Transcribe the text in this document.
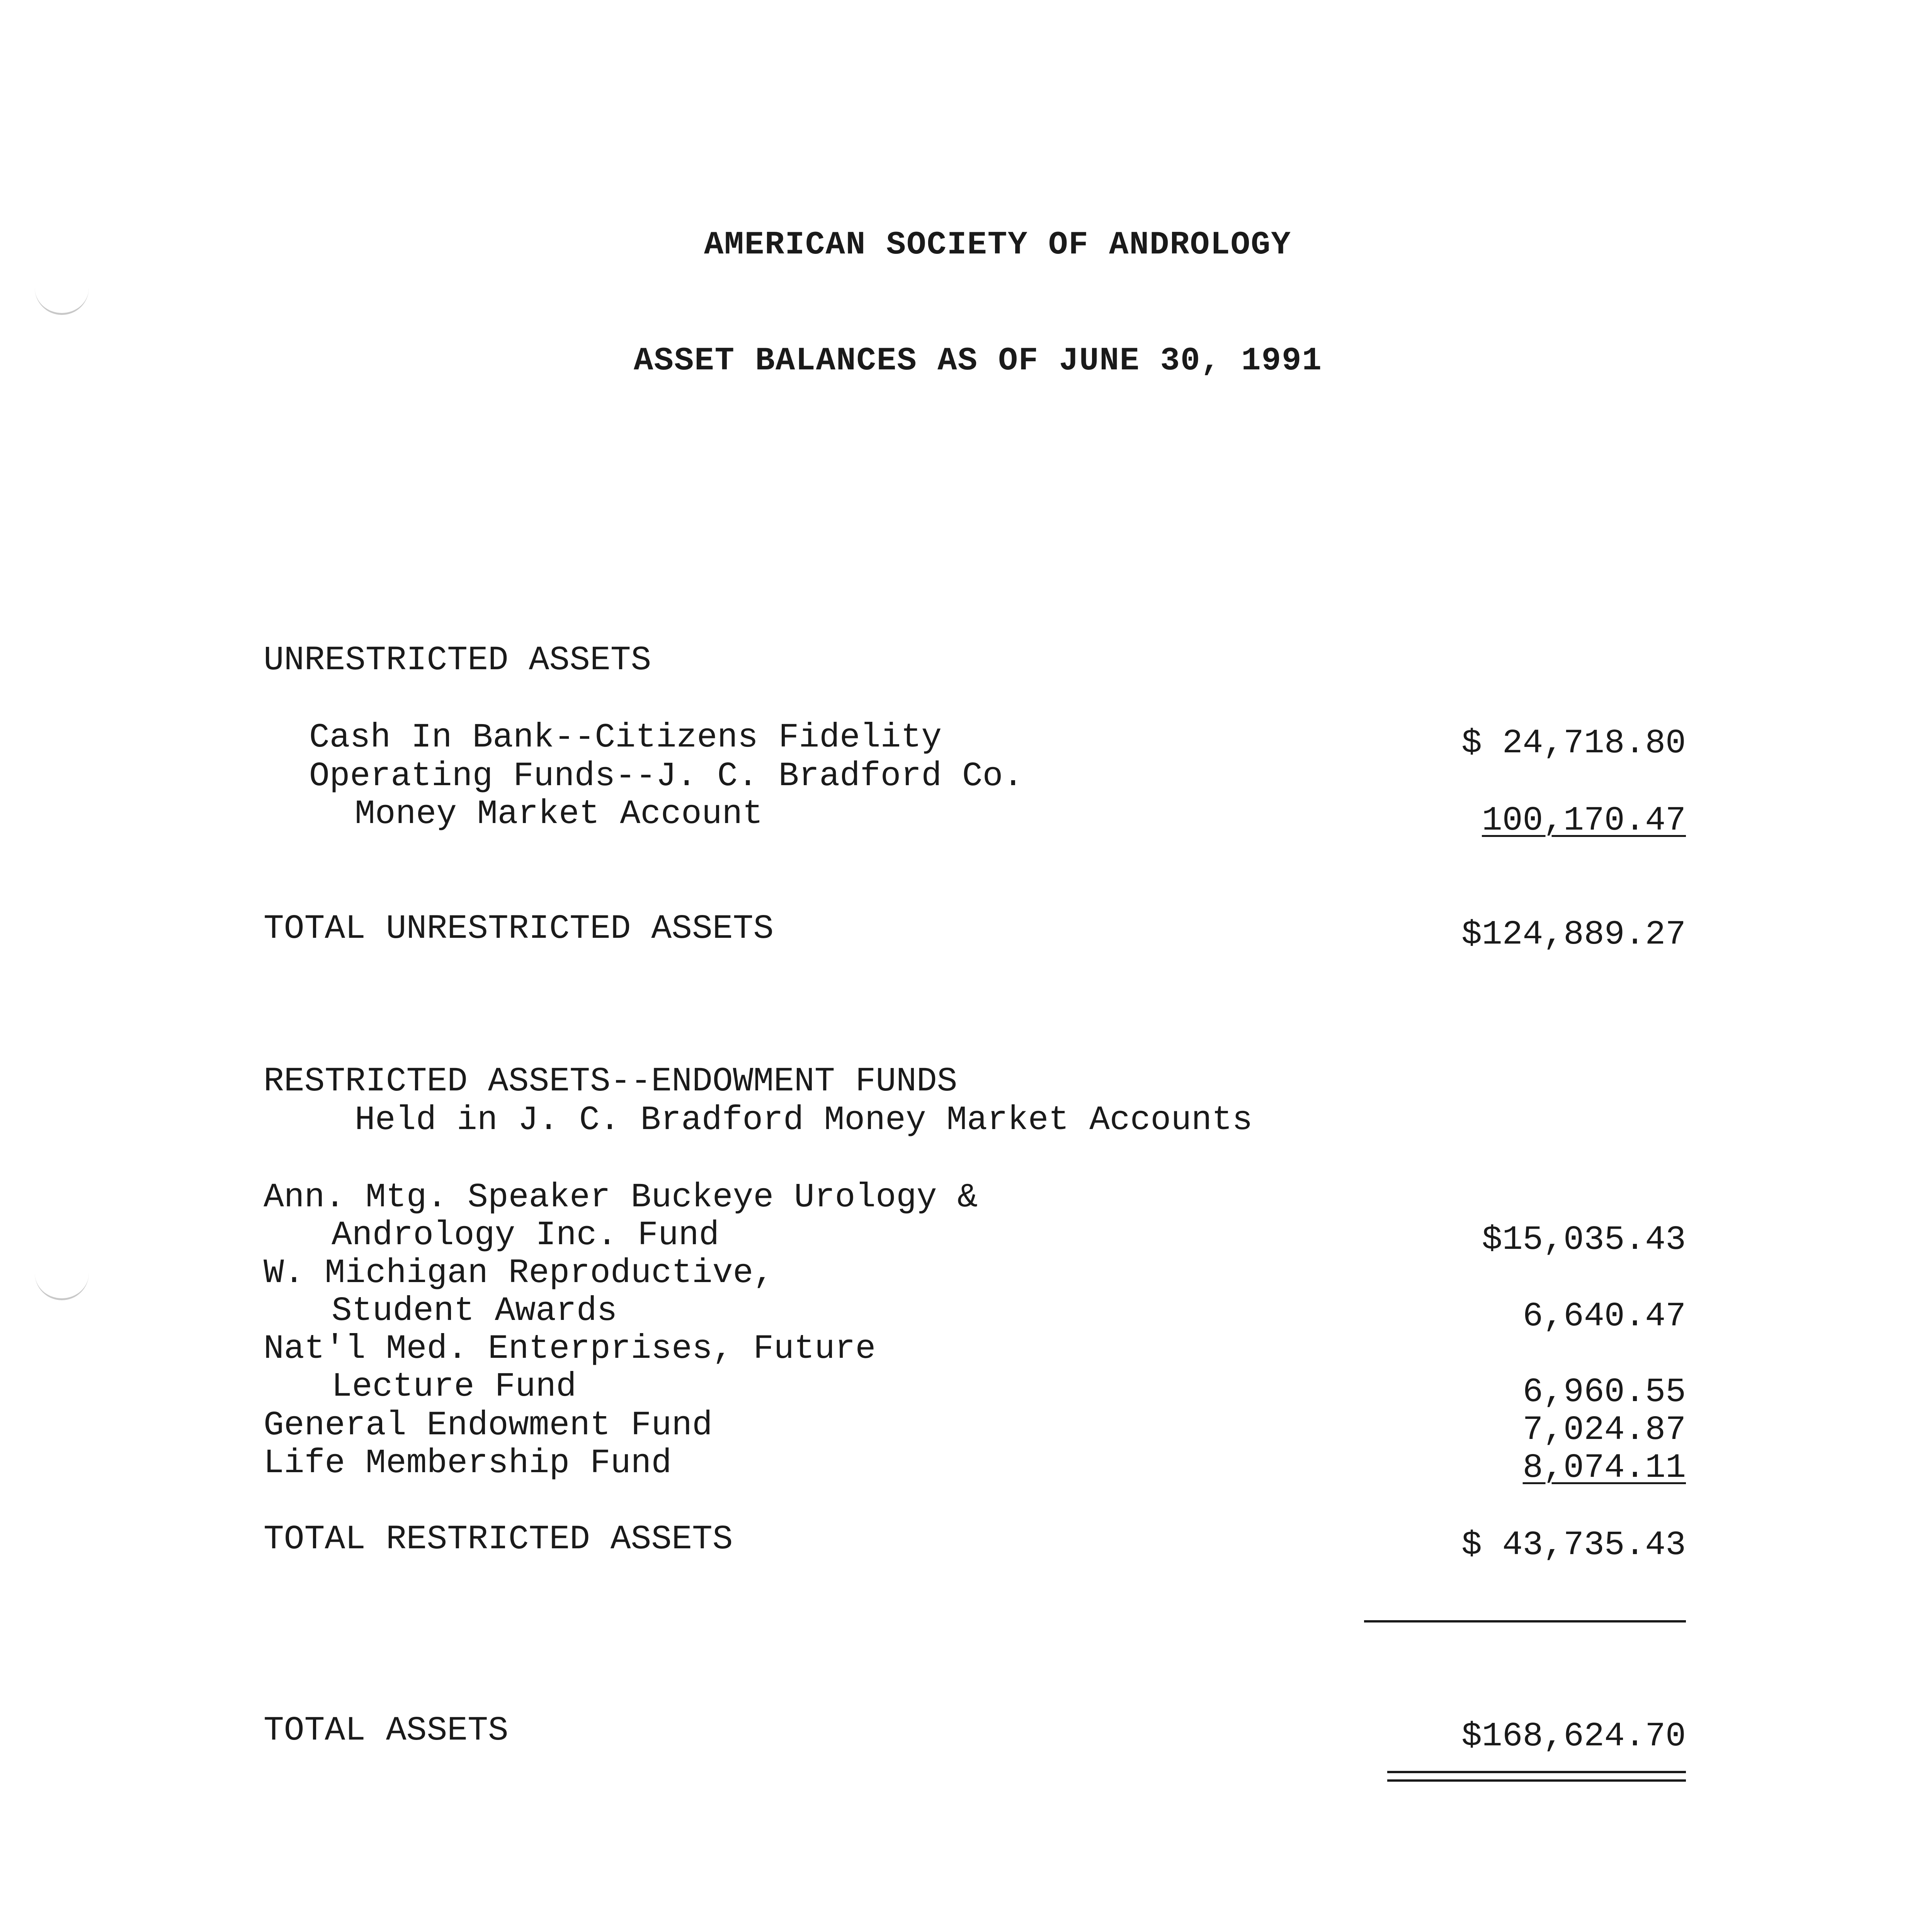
AMERICAN SOCIETY OF ANDROLOGY
ASSET BALANCES AS OF JUNE 30, 1991
UNRESTRICTED ASSETS
Cash In Bank--Citizens Fidelity	$ 24,718.80
Operating Funds--J. C. Bradford Co.
Money Market Account	100,170.47
TOTAL UNRESTRICTED ASSETS	$124,889.27
RESTRICTED ASSETS--ENDOWMENT FUNDS
Held in J. C. Bradford Money Market Accounts
Ann. Mtg. Speaker Buckeye Urology &
Andrology Inc. Fund	$15,035.43
W. Michigan Reproductive,
Student Awards	6,640.47
Nat'l Med. Enterprises, Future
Lecture Fund	6,960.55
General Endowment Fund	7,024.87
Life Membership Fund	8,074.11
TOTAL RESTRICTED ASSETS	$ 43,735.43
TOTAL ASSETS	$168,624.70
